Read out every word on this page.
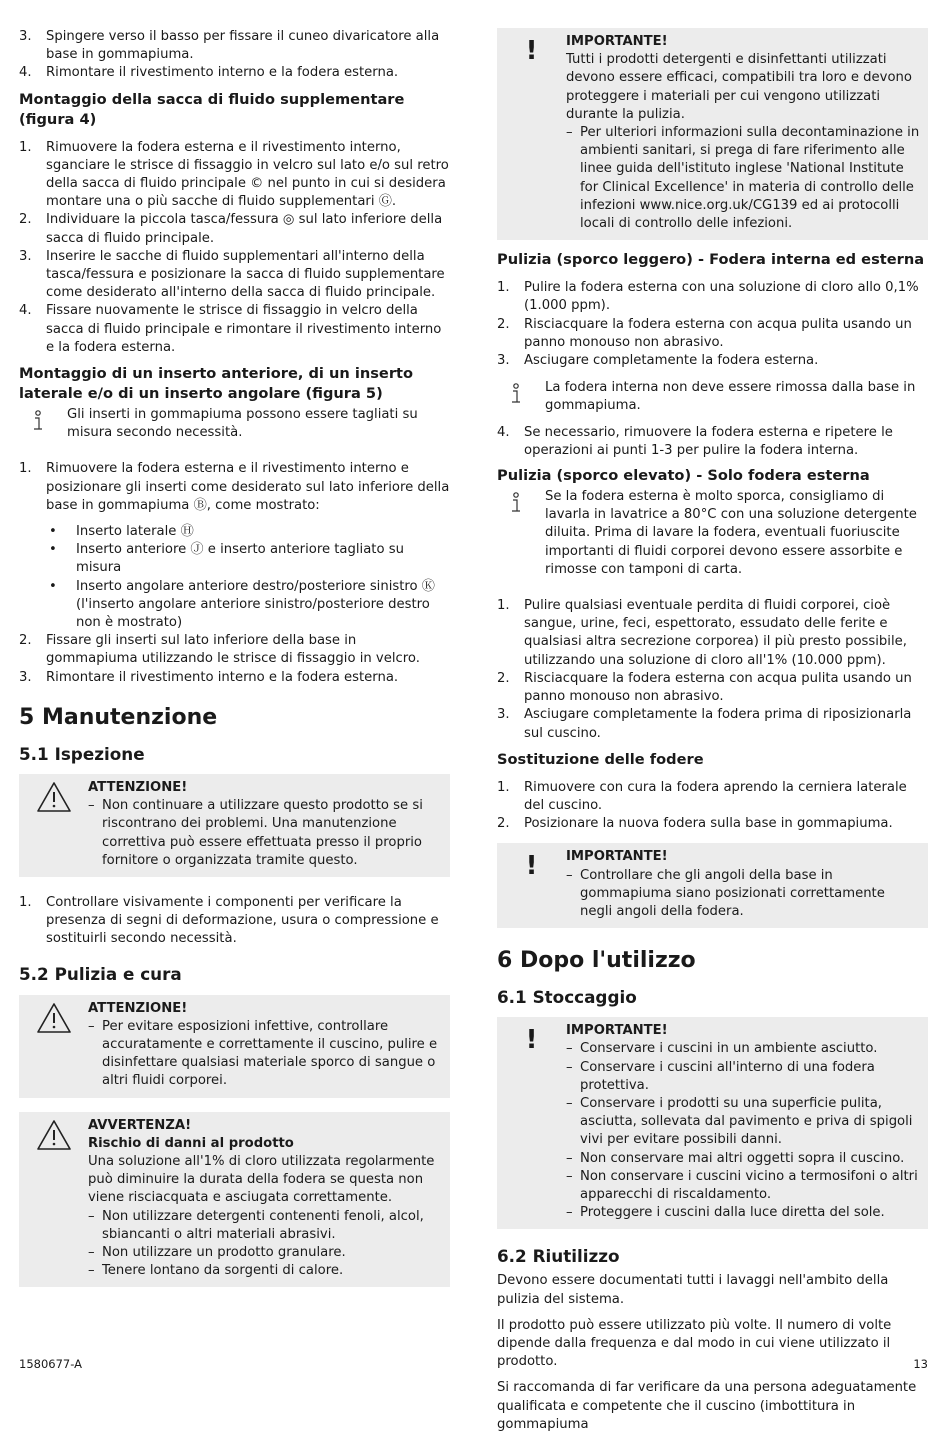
3. Spingere verso il basso per fissare il cuneo divaricatore alla base in gommapiuma.
4. Rimontare il rivestimento interno e la fodera esterna.
Montaggio della sacca di fluido supplementare (figura 4)
1. Rimuovere la fodera esterna e il rivestimento interno, sganciare le strisce di fissaggio in velcro sul lato e/o sul retro della sacca di fluido principale © nel punto in cui si desidera montare una o più sacche di fluido supplementari Ⓖ.
2. Individuare la piccola tasca/fessura ◎ sul lato inferiore della sacca di fluido principale.
3. Inserire le sacche di fluido supplementari all'interno della tasca/fessura e posizionare la sacca di fluido supplementare come desiderato all'interno della sacca di fluido principale.
4. Fissare nuovamente le strisce di fissaggio in velcro della sacca di fluido principale e rimontare il rivestimento interno e la fodera esterna.
Montaggio di un inserto anteriore, di un inserto laterale e/o di un inserto angolare (figura 5)
Gli inserti in gommapiuma possono essere tagliati su misura secondo necessità.
1. Rimuovere la fodera esterna e il rivestimento interno e posizionare gli inserti come desiderato sul lato inferiore della base in gommapiuma Ⓑ, come mostrato:
• Inserto laterale Ⓗ
• Inserto anteriore Ⓙ e inserto anteriore tagliato su misura
• Inserto angolare anteriore destro/posteriore sinistro Ⓚ (l'inserto angolare anteriore sinistro/posteriore destro non è mostrato)
2. Fissare gli inserti sul lato inferiore della base in gommapiuma utilizzando le strisce di fissaggio in velcro.
3. Rimontare il rivestimento interno e la fodera esterna.
5 Manutenzione
5.1 Ispezione
ATTENZIONE!
– Non continuare a utilizzare questo prodotto se si riscontrano dei problemi. Una manutenzione correttiva può essere effettuata presso il proprio fornitore o organizzata tramite questo.
1. Controllare visivamente i componenti per verificare la presenza di segni di deformazione, usura o compressione e sostituirli secondo necessità.
5.2 Pulizia e cura
ATTENZIONE!
– Per evitare esposizioni infettive, controllare accuratamente e correttamente il cuscino, pulire e disinfettare qualsiasi materiale sporco di sangue o altri fluidi corporei.
AVVERTENZA!
Rischio di danni al prodotto
Una soluzione all'1% di cloro utilizzata regolarmente può diminuire la durata della fodera se questa non viene risciacquata e asciugata correttamente.
– Non utilizzare detergenti contenenti fenoli, alcol, sbiancanti o altri materiali abrasivi.
– Non utilizzare un prodotto granulare.
– Tenere lontano da sorgenti di calore.
!	IMPORTANTE!
Tutti i prodotti detergenti e disinfettanti utilizzati devono essere efficaci, compatibili tra loro e devono proteggere i materiali per cui vengono utilizzati durante la pulizia.
– Per ulteriori informazioni sulla decontaminazione in ambienti sanitari, si prega di fare riferimento alle linee guida dell'istituto inglese 'National Institute for Clinical Excellence' in materia di controllo delle infezioni www.nice.org.uk/CG139 ed ai protocolli locali di controllo delle infezioni.
Pulizia (sporco leggero) - Fodera interna ed esterna
1. Pulire la fodera esterna con una soluzione di cloro allo 0,1% (1.000 ppm).
2. Risciacquare la fodera esterna con acqua pulita usando un panno monouso non abrasivo.
3. Asciugare completamente la fodera esterna.
La fodera interna non deve essere rimossa dalla base in gommapiuma.
4. Se necessario, rimuovere la fodera esterna e ripetere le operazioni ai punti 1-3 per pulire la fodera interna.
Pulizia (sporco elevato) - Solo fodera esterna
Se la fodera esterna è molto sporca, consigliamo di lavarla in lavatrice a 80°C con una soluzione detergente diluita. Prima di lavare la fodera, eventuali fuoriuscite importanti di fluidi corporei devono essere assorbite e rimosse con tamponi di carta.
1. Pulire qualsiasi eventuale perdita di fluidi corporei, cioè sangue, urine, feci, espettorato, essudato delle ferite e qualsiasi altra secrezione corporea) il più presto possibile, utilizzando una soluzione di cloro all'1% (10.000 ppm).
2. Risciacquare la fodera esterna con acqua pulita usando un panno monouso non abrasivo.
3. Asciugare completamente la fodera prima di riposizionarla sul cuscino.
Sostituzione delle fodere
1. Rimuovere con cura la fodera aprendo la cerniera laterale del cuscino.
2. Posizionare la nuova fodera sulla base in gommapiuma.
!	IMPORTANTE!
– Controllare che gli angoli della base in gommapiuma siano posizionati correttamente negli angoli della fodera.
6 Dopo l'utilizzo
6.1 Stoccaggio
!	IMPORTANTE!
– Conservare i cuscini in un ambiente asciutto.
– Conservare i cuscini all'interno di una fodera protettiva.
– Conservare i prodotti su una superficie pulita, asciutta, sollevata dal pavimento e priva di spigoli vivi per evitare possibili danni.
– Non conservare mai altri oggetti sopra il cuscino.
– Non conservare i cuscini vicino a termosifoni o altri apparecchi di riscaldamento.
– Proteggere i cuscini dalla luce diretta del sole.
6.2 Riutilizzo

Devono essere documentati tutti i lavaggi nell'ambito della pulizia del sistema.

Il prodotto può essere utilizzato più volte. Il numero di volte dipende dalla frequenza e dal modo in cui viene utilizzato il prodotto.

Si raccomanda di far verificare da una persona adeguatamente qualificata e competente che il cuscino (imbottitura in gommapiuma

1580677-A	13
